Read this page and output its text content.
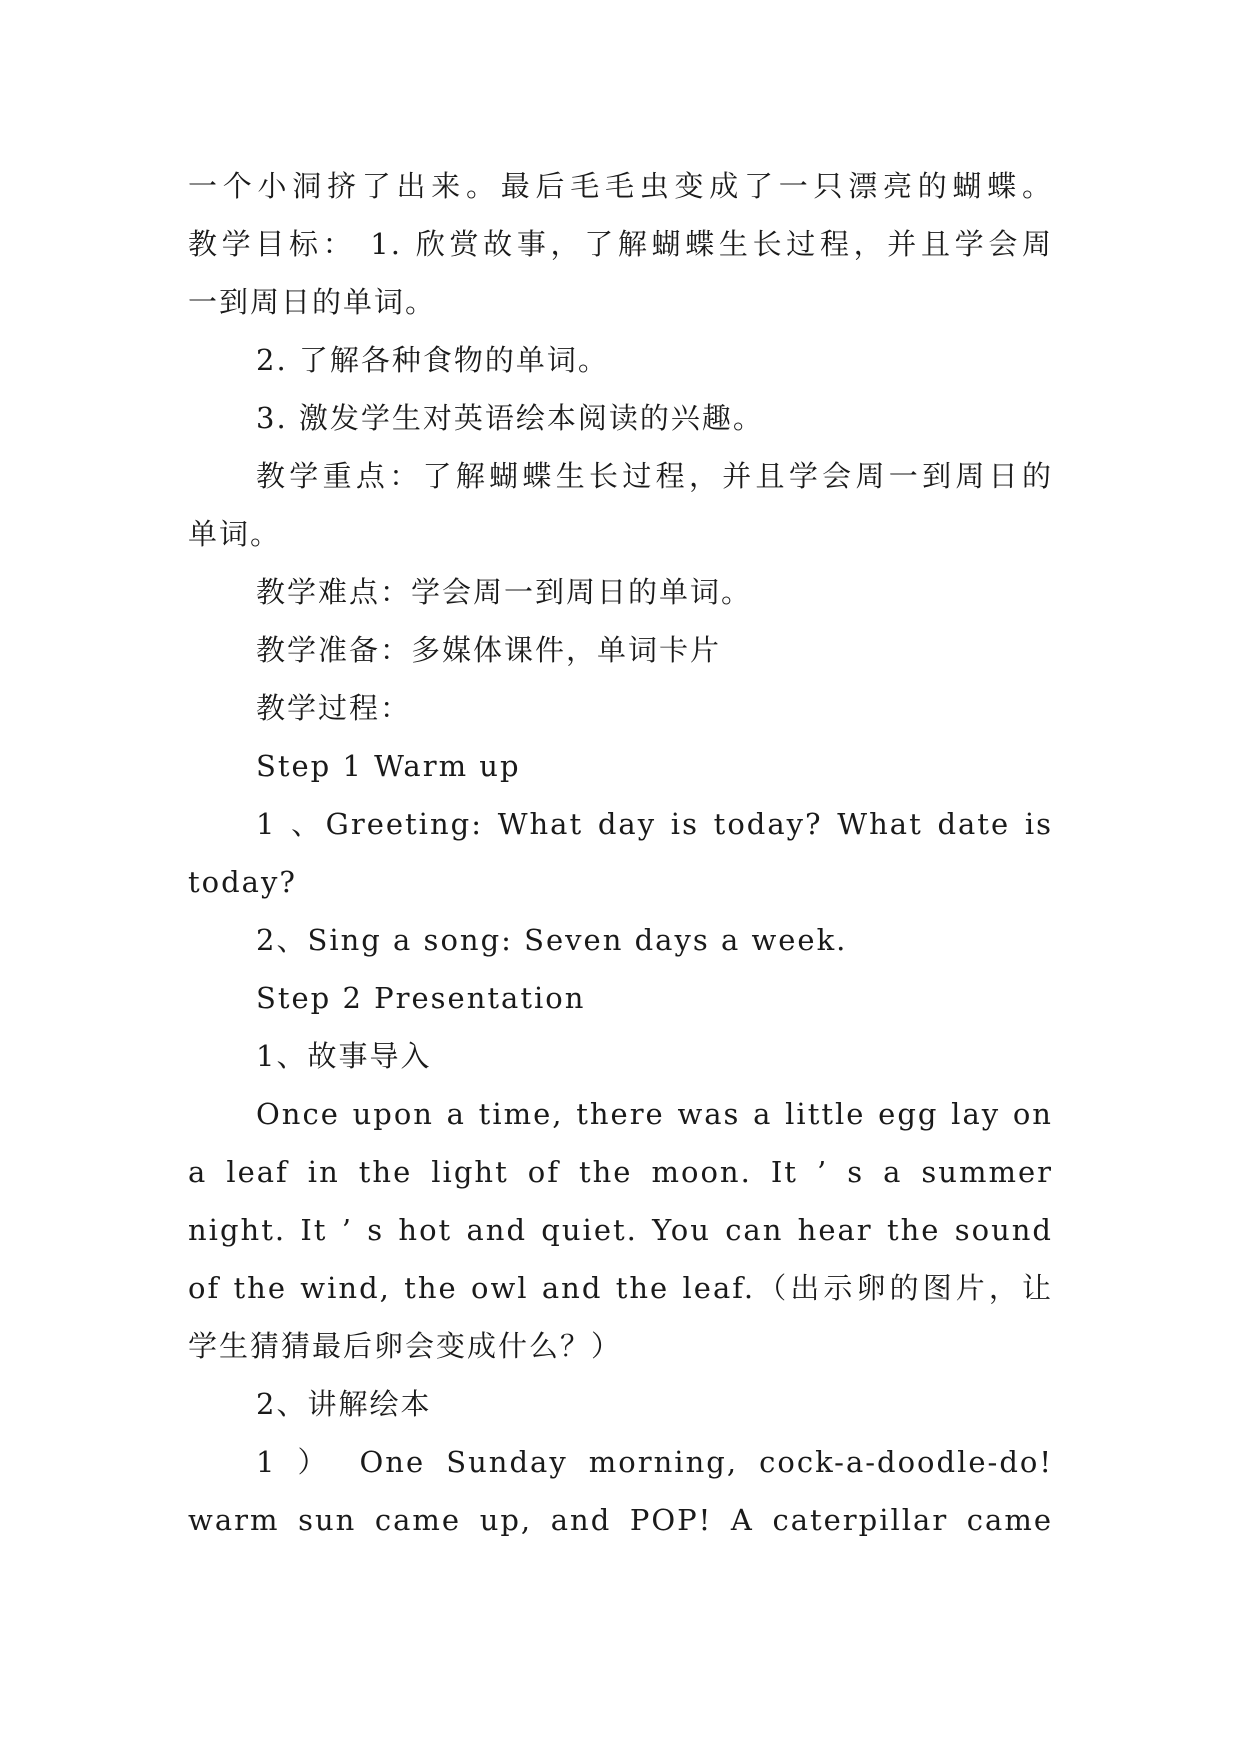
一个小洞挤了出来。最后毛毛虫变成了一只漂亮的蝴蝶。
教学目标： 1. 欣赏故事，了解蝴蝶生长过程，并且学会周
一到周日的单词。
2. 了解各种食物的单词。
3. 激发学生对英语绘本阅读的兴趣。
教学重点：了解蝴蝶生长过程，并且学会周一到周日的
单词。
教学难点：学会周一到周日的单词。
教学准备：多媒体课件，单词卡片
教学过程：
Step 1 Warm up
1 、Greeting: What day is today? What date is
today?
2、Sing a song: Seven days a week.
Step 2 Presentation
1、故事导入
Once upon a time, there was a little egg lay on
a leaf in the light of the moon. It ’ s a summer
night. It ’ s hot and quiet. You can hear the sound
of the wind, the owl and the leaf.（出示卵的图片，让
学生猜猜最后卵会变成什么？）
2、讲解绘本
1 ） One Sunday morning, cock-a-doodle-do!
warm sun came up, and POP! A caterpillar came
